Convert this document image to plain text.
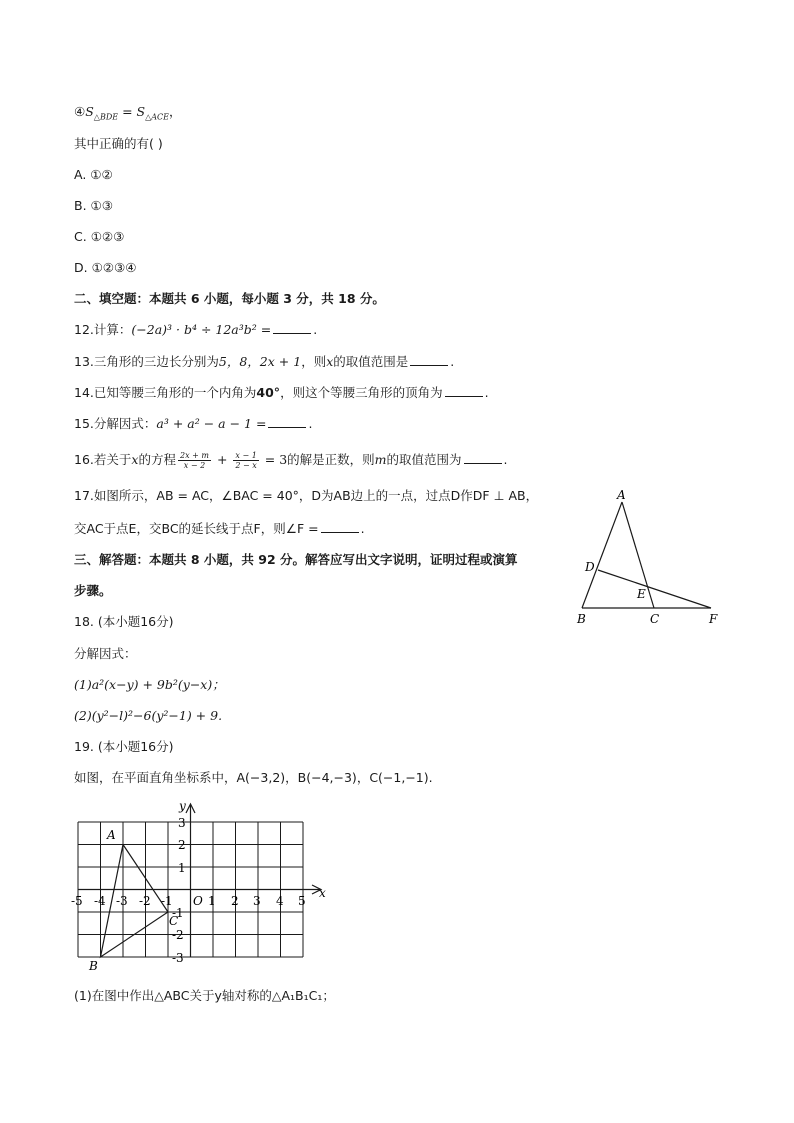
$④S_{\triangle BDE} = S_{\triangle ACE}$，
其中正确的有( )
A. ①②
B. ①③
C. ①②③
D. ①②③④
二、填空题：本题共 6 小题，每小题 3 分，共 18 分。
12.计算：(−2a)³ · b⁴ ÷ 12a³b² =	.
13.三角形的三边长分别为5，8，2x + 1，则x的取值范围是	.
14.已知等腰三角形的一个内角为40°，则这个等腰三角形的顶角为	.
15.分解因式：a³ + a² − a − 1 =	.
16.若关于x的方程 $\frac{2x + m}{x - 2} + \frac{x - 1}{2 - x} = 3$的解是正数，则m的取值范围为	.
17.如图所示，AB = AC，∠BAC = 40°，D为AB边上的一点，过点D作DF ⊥ AB，
交AC于点E，交BC的延长线于点F，则∠F =	.
三、解答题：本题共 8 小题，共 92 分。解答应写出文字说明，证明过程或演算
步骤。
18. (本小题16分)
分解因式：
(1)a²(x−y) + 9b²(y−x)；
(2)(y²−l)²−6(y²−1) + 9.
19. (本小题16分)
如图，在平面直角坐标系中，A(−3,2)，B(−4,−3)，C(−1,−1).
A
B	C
D
E
F
x
y
O
-5 -4 -3 -2 -1	1 2 3 4 5
3
2
1
-1
-2
-3
A
B
C
(1)在图中作出△ABC关于y轴对称的△A₁B₁C₁；
